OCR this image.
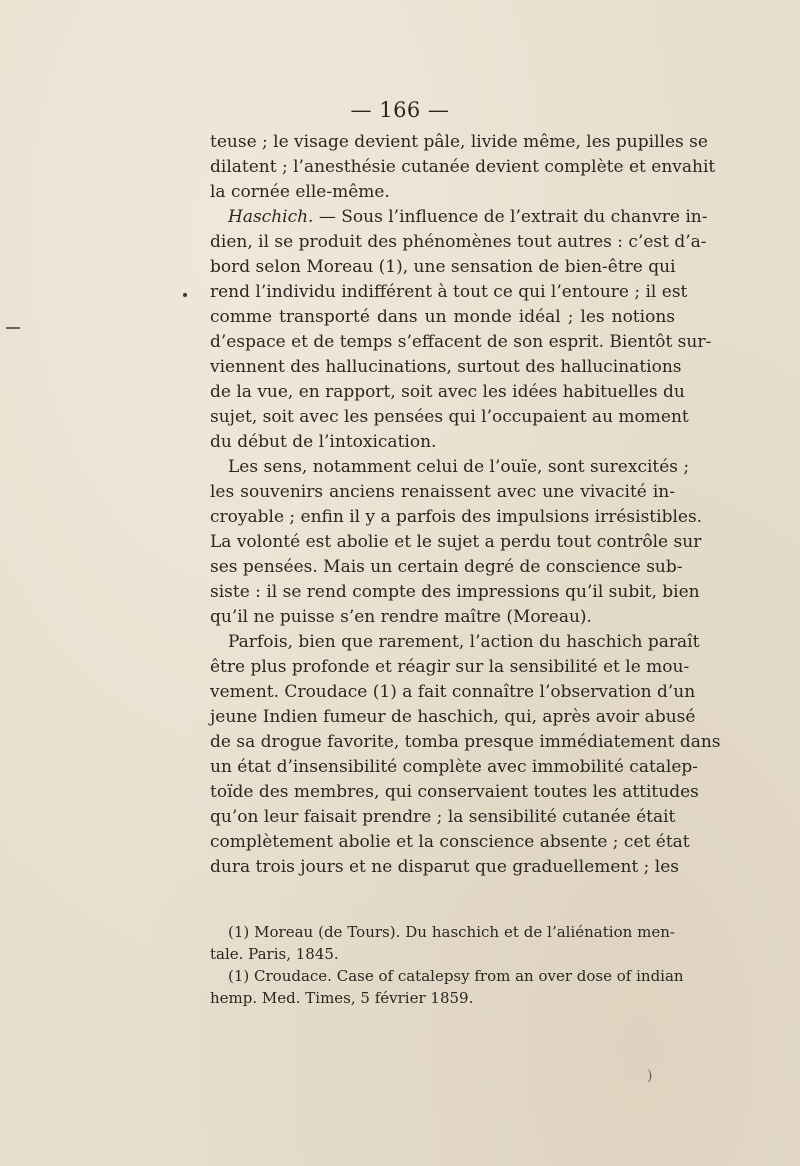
— 166 —
teuse ; le visage devient pâle, livide même, les pupilles se
dilatent ; l’anesthésie cutanée devient complète et envahit
la cornée elle-même.
Haschich. — Sous l’influence de l’extrait du chanvre in-
dien, il se produit des phénomènes tout autres : c’est d’a-
bord selon Moreau (1), une sensation de bien-être qui
rend l’individu indifférent à tout ce qui l’entoure ; il est
comme transporté dans un monde idéal ; les notions
d’espace et de temps s’effacent de son esprit. Bientôt sur-
viennent des hallucinations, surtout des hallucinations
de la vue, en rapport, soit avec les idées habituelles du
sujet, soit avec les pensées qui l’occupaient au moment
du début de l’intoxication.
Les sens, notamment celui de l’ouïe, sont surexcités ;
les souvenirs anciens renaissent avec une vivacité in-
croyable ; enfin il y a parfois des impulsions irrésistibles.
La volonté est abolie et le sujet a perdu tout contrôle sur
ses pensées. Mais un certain degré de conscience sub-
siste : il se rend compte des impressions qu’il subit, bien
qu’il ne puisse s’en rendre maître (Moreau).
Parfois, bien que rarement, l’action du haschich paraît
être plus profonde et réagir sur la sensibilité et le mou-
vement. Croudace (1) a fait connaître l’observation d’un
jeune Indien fumeur de haschich, qui, après avoir abusé
de sa drogue favorite, tomba presque immédiatement dans
un état d’insensibilité complète avec immobilité catalep-
toïde des membres, qui conservaient toutes les attitudes
qu’on leur faisait prendre ; la sensibilité cutanée était
complètement abolie et la conscience absente ; cet état
dura trois jours et ne disparut que graduellement ; les
(1) Moreau (de Tours). Du haschich et de l’aliénation men-
tale. Paris, 1845.
(1) Croudace. Case of catalepsy from an over dose of indian
hemp. Med. Times, 5 février 1859.
)
